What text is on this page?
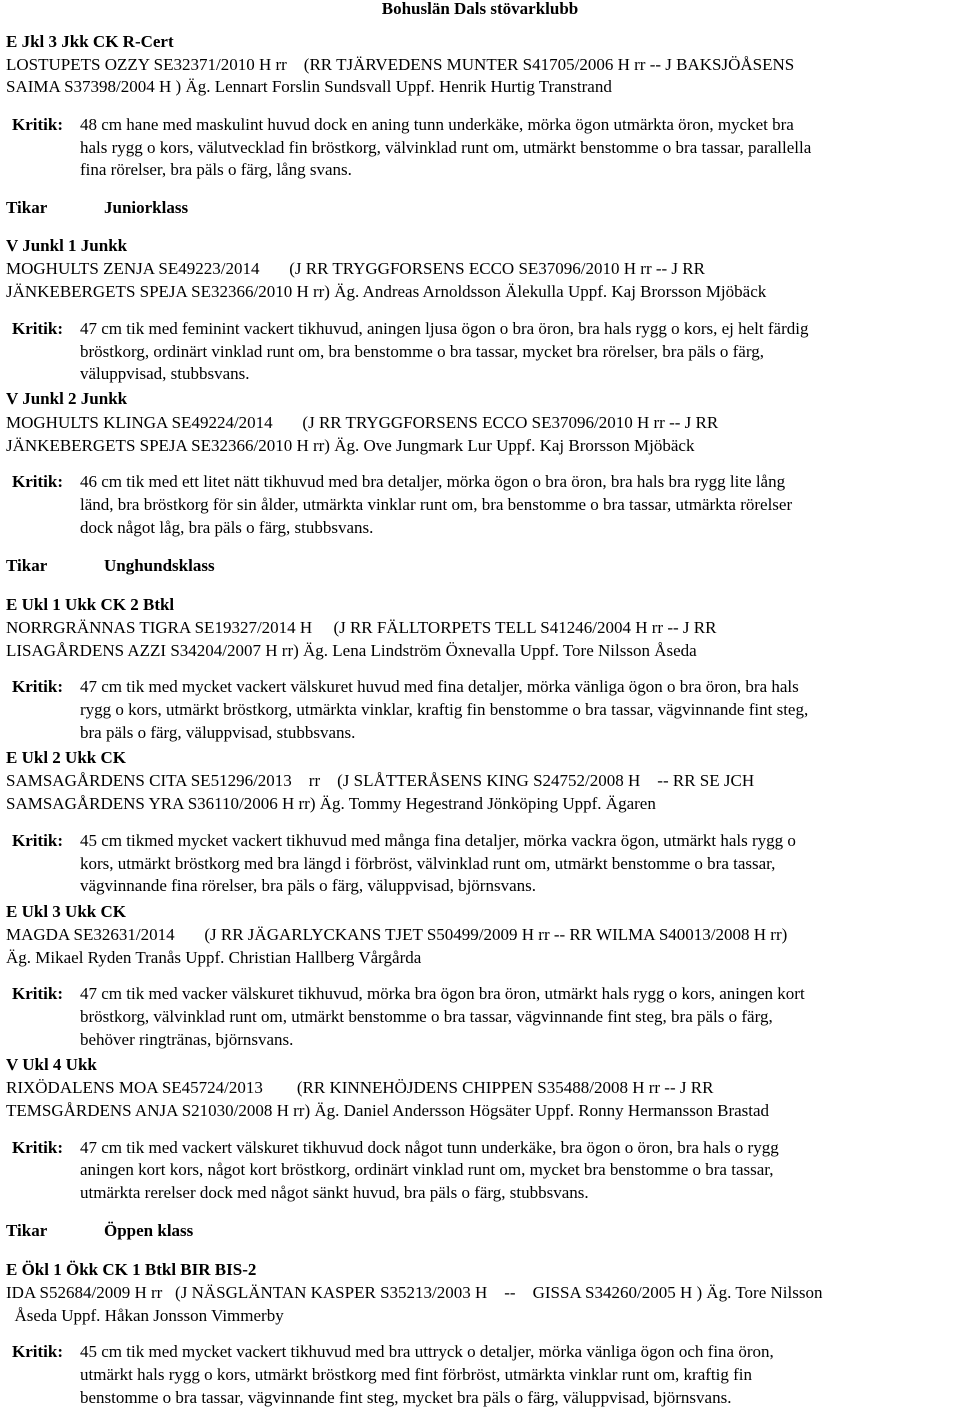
Bohuslän Dals stövarklubb
E Jkl 3 Jkk CK R-Cert
LOSTUPETS OZZY SE32371/2010 H rr    (RR TJÄRVEDENS MUNTER S41705/2006 H rr -- J BAKSJÖÅSENS
SAIMA S37398/2004 H ) Äg. Lennart Forslin Sundsvall Uppf. Henrik Hurtig Transtrand
Kritik: 48 cm hane med maskulint huvud dock en aning tunn underkäke, mörka ögon utmärkta öron, mycket bra
hals rygg o kors, välutvecklad fin bröstkorg, välvinklad runt om, utmärkt benstomme o bra tassar, parallella
fina rörelser, bra päls o färg, lång svans.
Tikar	Juniorklass
V Junkl 1 Junkk
MOGHULTS ZENJA SE49223/2014       (J RR TRYGGFORSENS ECCO SE37096/2010 H rr -- J RR
JÄNKEBERGETS SPEJA SE32366/2010 H rr) Äg. Andreas Arnoldsson Älekulla Uppf. Kaj Brorsson Mjöbäck
Kritik: 47 cm tik med feminint vackert tikhuvud, aningen ljusa ögon o bra öron, bra hals rygg o kors, ej helt färdig
bröstkorg, ordinärt vinklad runt om, bra benstomme o bra tassar, mycket bra rörelser, bra päls o färg,
väluppvisad, stubbsvans.
V Junkl 2 Junkk
MOGHULTS KLINGA SE49224/2014       (J RR TRYGGFORSENS ECCO SE37096/2010 H rr -- J RR
JÄNKEBERGETS SPEJA SE32366/2010 H rr) Äg. Ove Jungmark Lur Uppf. Kaj Brorsson Mjöbäck
Kritik: 46 cm tik med ett litet nätt tikhuvud med bra detaljer, mörka ögon o bra öron, bra hals bra rygg lite lång
länd, bra bröstkorg för sin ålder, utmärkta vinklar runt om, bra benstomme o bra tassar, utmärkta rörelser
dock något låg, bra päls o färg, stubbsvans.
Tikar	Unghundsklass
E Ukl 1 Ukk CK 2 Btkl
NORRGRÄNNAS TIGRA SE19327/2014 H     (J RR FÄLLTORPETS TELL S41246/2004 H rr -- J RR
LISAGÅRDENS AZZI S34204/2007 H rr) Äg. Lena Lindström Öxnevalla Uppf. Tore Nilsson Åseda
Kritik: 47 cm tik med mycket vackert välskuret huvud med fina detaljer, mörka vänliga ögon o bra öron, bra hals
rygg o kors, utmärkt bröstkorg, utmärkta vinklar, kraftig fin benstomme o bra tassar, vägvinnande fint steg,
bra päls o färg, väluppvisad, stubbsvans.
E Ukl 2 Ukk CK
SAMSAGÅRDENS CITA SE51296/2013    rr    (J SLÅTTERÅSENS KING S24752/2008 H    -- RR SE JCH
SAMSAGÅRDENS YRA S36110/2006 H rr) Äg. Tommy Hegestrand Jönköping Uppf. Ägaren
Kritik: 45 cm tikmed mycket vackert tikhuvud med många fina detaljer, mörka vackra ögon, utmärkt hals rygg o
kors, utmärkt bröstkorg med bra längd i förbröst, välvinklad runt om, utmärkt benstomme o bra tassar,
vägvinnande fina rörelser, bra päls o färg, väluppvisad, björnsvans.
E Ukl 3 Ukk CK
MAGDA SE32631/2014       (J RR JÄGARLYCKANS TJET S50499/2009 H rr -- RR WILMA S40013/2008 H rr)
Äg. Mikael Ryden Tranås Uppf. Christian Hallberg Vårgårda
Kritik: 47 cm tik med vacker välskuret tikhuvud, mörka bra ögon bra öron, utmärkt hals rygg o kors, aningen kort
bröstkorg, välvinklad runt om, utmärkt benstomme o bra tassar, vägvinnande fint steg, bra päls o färg,
behöver ringtränas, björnsvans.
V Ukl 4 Ukk
RIXÖDALENS MOA SE45724/2013        (RR KINNEHÖJDENS CHIPPEN S35488/2008 H rr -- J RR
TEMSGÅRDENS ANJA S21030/2008 H rr) Äg. Daniel Andersson Högsäter Uppf. Ronny Hermansson Brastad
Kritik: 47 cm tik med vackert välskuret tikhuvud dock något tunn underkäke, bra ögon o öron, bra hals o rygg
aningen kort kors, något kort bröstkorg, ordinärt vinklad runt om, mycket bra benstomme o bra tassar,
utmärkta rerelser dock med något sänkt huvud, bra päls o färg, stubbsvans.
Tikar	Öppen klass
E Ökl 1 Ökk CK 1 Btkl BIR BIS-2
IDA S52684/2009 H rr   (J NÄSGLÄNTAN KASPER S35213/2003 H    --    GISSA S34260/2005 H ) Äg. Tore Nilsson
Åseda Uppf. Håkan Jonsson Vimmerby
Kritik: 45 cm tik med mycket vackert tikhuvud med bra uttryck o detaljer, mörka vänliga ögon och fina öron,
utmärkt hals rygg o kors, utmärkt bröstkorg med fint förbröst, utmärkta vinklar runt om, kraftig fin
benstomme o bra tassar, vägvinnande fint steg, mycket bra päls o färg, väluppvisad, björnsvans.
